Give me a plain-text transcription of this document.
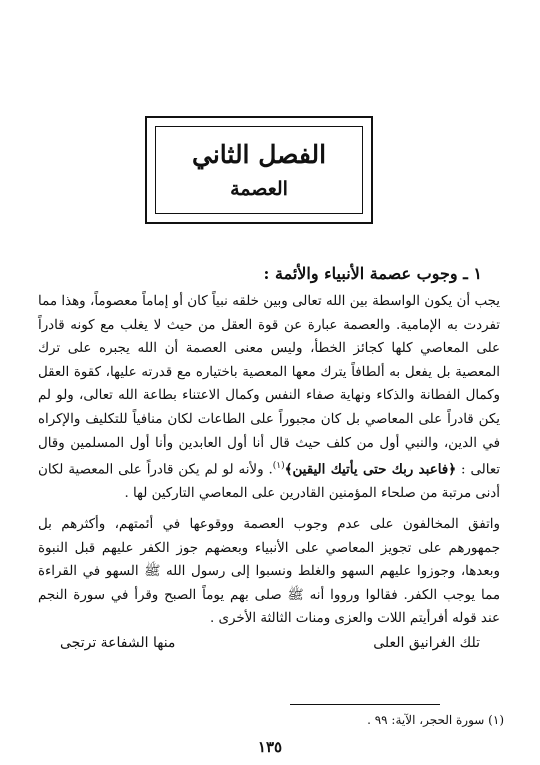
الفصل الثاني
العصمة
١ ـ وجوب عصمة الأنبياء والأئمة :
يجب أن يكون الواسطة بين الله تعالى وبين خلقه نبياً كان أو إماماً معصوماً، وهذا مما تفردت به الإمامية. والعصمة عبارة عن قوة العقل من حيث لا يغلب مع كونه قادراً على المعاصي كلها كجائز الخطأ، وليس معنى العصمة أن الله يجبره على ترك المعصية بل يفعل به ألطافاً يترك معها المعصية باختياره مع قدرته عليها، كقوة العقل وكمال الفطانة والذكاء ونهاية صفاء النفس وكمال الاعتناء بطاعة الله تعالى، ولو لم يكن قادراً على المعاصي بل كان مجبوراً على الطاعات لكان منافياً للتكليف والإكراه في الدين، والنبي أول من كلف حيث قال أنا أول العابدين وأنا أول المسلمين وقال تعالى : ﴿فاعبد ربك حتى يأتيك اليقين﴾$^{(١)}$. ولأنه لو لم يكن قادراً على المعصية لكان أدنى مرتبة من صلحاء المؤمنين القادرين على المعاصي التاركين لها .
واتفق المخالفون على عدم وجوب العصمة ووقوعها في أئمتهم، وأكثرهم بل جمهورهم على تجويز المعاصي على الأنبياء وبعضهم جوز الكفر عليهم قبل النبوة وبعدها، وجوزوا عليهم السهو والغلط ونسبوا إلى رسول الله ﷺ السهو في القراءة مما يوجب الكفر. فقالوا ورووا أنه ﷺ صلى بهم يوماً الصبح وقرأ في سورة النجم عند قوله أفرأيتم اللات والعزى ومنات الثالثة الأخرى .
تلك الغرانيق العلى
منها الشفاعة ترتجى
(١) سورة الحجر، الآية: ٩٩ .
١٣٥
